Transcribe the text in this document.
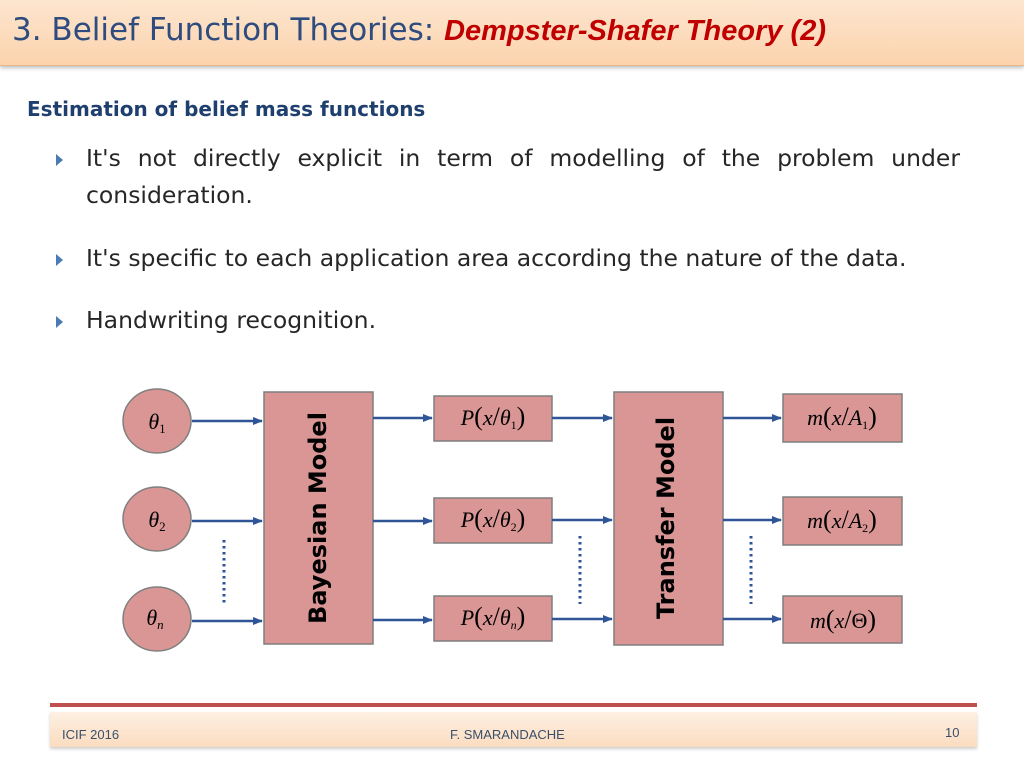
3. Belief Function Theories: Dempster-Shafer Theory (2)
Estimation of belief mass functions
It's not directly explicit in term of modelling of the problem under consideration.
It's specific to each application area according the nature of the data.
Handwriting recognition.
θ1
θ2
θn
Bayesian Model	P(x/θ1)
P(x/θ2)
P(x/θn)	Transfer Model	m(x/A1)
m(x/A2)
m(x/Θ)
ICIF 2016	F. SMARANDACHE	10
